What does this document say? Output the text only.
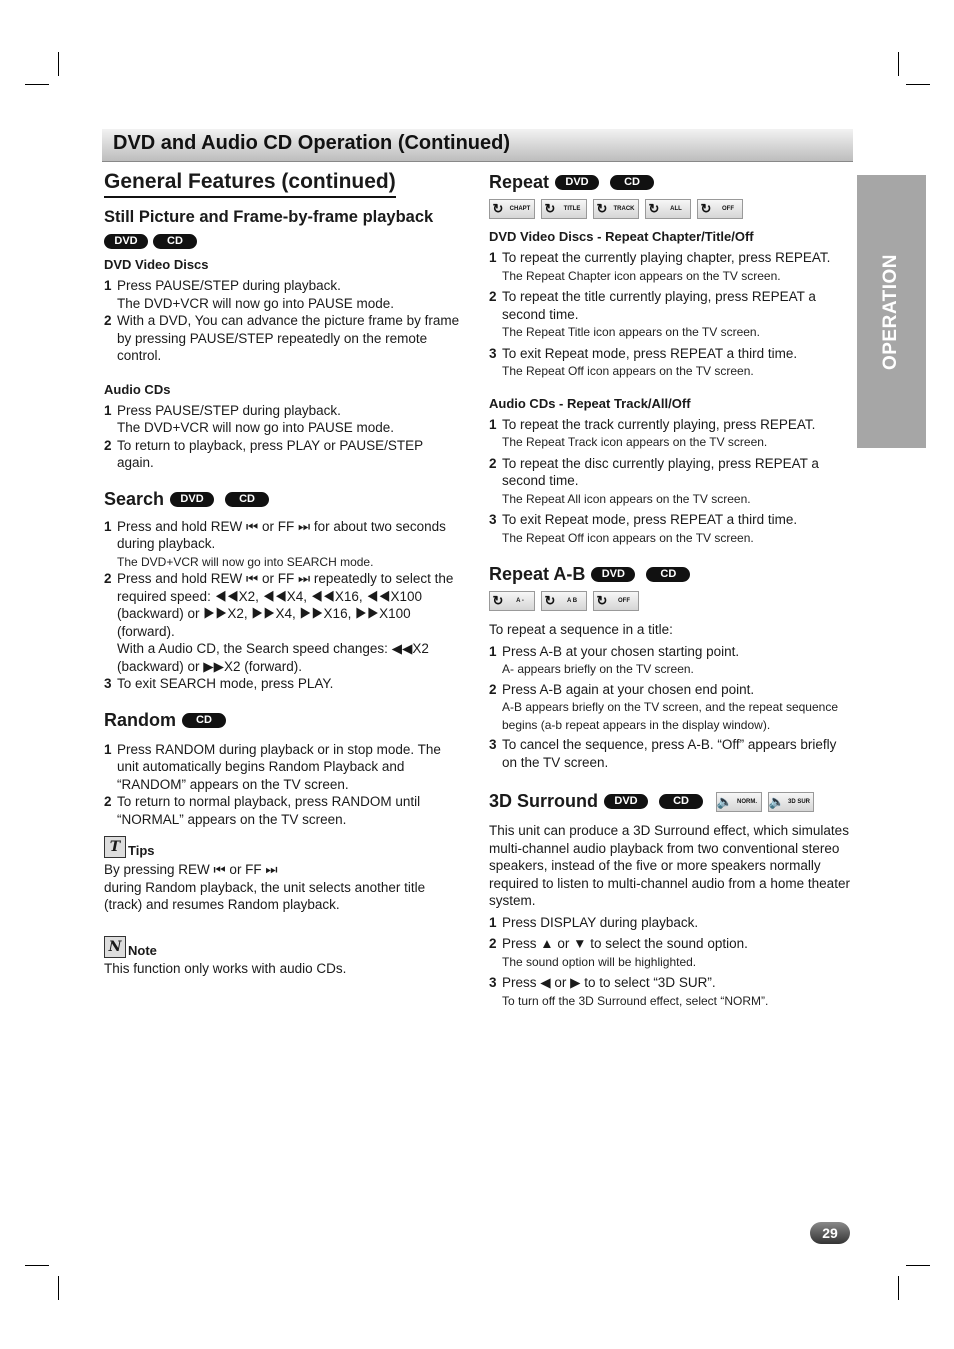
DVD and Audio CD Operation (Continued)
OPERATION
General Features (continued)
Still Picture and Frame-by-frame playback
DVD	CD
DVD Video Discs
1 Press PAUSE/STEP during playback.
The DVD+VCR will now go into PAUSE mode.
2 With a DVD, You can advance the picture frame by frame by pressing PAUSE/STEP repeatedly on the remote control.
Audio CDs
1 Press PAUSE/STEP during playback.
The DVD+VCR will now go into PAUSE mode.
2 To return to playback, press PLAY or PAUSE/STEP again.
Search	DVD	CD
1 Press and hold REW ⏮ or FF ⏭ for about two seconds during playback.
The DVD+VCR will now go into SEARCH mode.
2 Press and hold REW ⏮ or FF ⏭ repeatedly to select the required speed: ◀◀X2, ◀◀X4, ◀◀X16, ◀◀X100 (backward) or ▶▶X2, ▶▶X4, ▶▶X16, ▶▶X100 (forward).
With a Audio CD, the Search speed changes: ◀◀X2 (backward) or ▶▶X2 (forward).
3 To exit SEARCH mode, press PLAY.
Random	CD
1 Press RANDOM during playback or in stop mode. The unit automatically begins Random Playback and “RANDOM” appears on the TV screen.
2 To return to normal playback, press RANDOM until “NORMAL” appears on the TV screen.
T Tips
By pressing REW ⏮ or FF ⏭
during Random playback, the unit selects another title (track) and resumes Random playback.
N Note
This function only works with audio CDs.
Repeat	DVD	CD
↻	CHAPT ↻	TITLE	↻	TRACK ↻	ALL	↻	OFF
DVD Video Discs - Repeat Chapter/Title/Off
1 To repeat the currently playing chapter, press REPEAT.
The Repeat Chapter icon appears on the TV screen.
2 To repeat the title currently playing, press REPEAT a second time.
The Repeat Title icon appears on the TV screen.
3 To exit Repeat mode, press REPEAT a third time.
The Repeat Off icon appears on the TV screen.
Audio CDs - Repeat Track/All/Off
1 To repeat the track currently playing, press REPEAT.
The Repeat Track icon appears on the TV screen.
2 To repeat the disc currently playing, press REPEAT a second time.
The Repeat All icon appears on the TV screen.
3 To exit Repeat mode, press REPEAT a third time.
The Repeat Off icon appears on the TV screen.
Repeat A-B	DVD	CD
↻	A -	↻	A B	↻	OFF
To repeat a sequence in a title:
1 Press A-B at your chosen starting point.
A- appears briefly on the TV screen.
2 Press A-B again at your chosen end point.
A-B appears briefly on the TV screen, and the repeat sequence begins (a-b repeat appears in the display window).
3 To cancel the sequence, press A-B. “Off” appears briefly on the TV screen.
3D Surround	DVD	CD	🔈 NORM. 🔈 3D SUR
This unit can produce a 3D Surround effect, which simulates multi-channel audio playback from two conventional stereo speakers, instead of the five or more speakers normally required to listen to multi-channel audio from a home theater system.
1 Press DISPLAY during playback.
2 Press ▲ or ▼ to select the sound option.
The sound option will be highlighted.
3 Press ◀ or ▶ to to select “3D SUR”.
To turn off the 3D Surround effect, select “NORM”.
29
